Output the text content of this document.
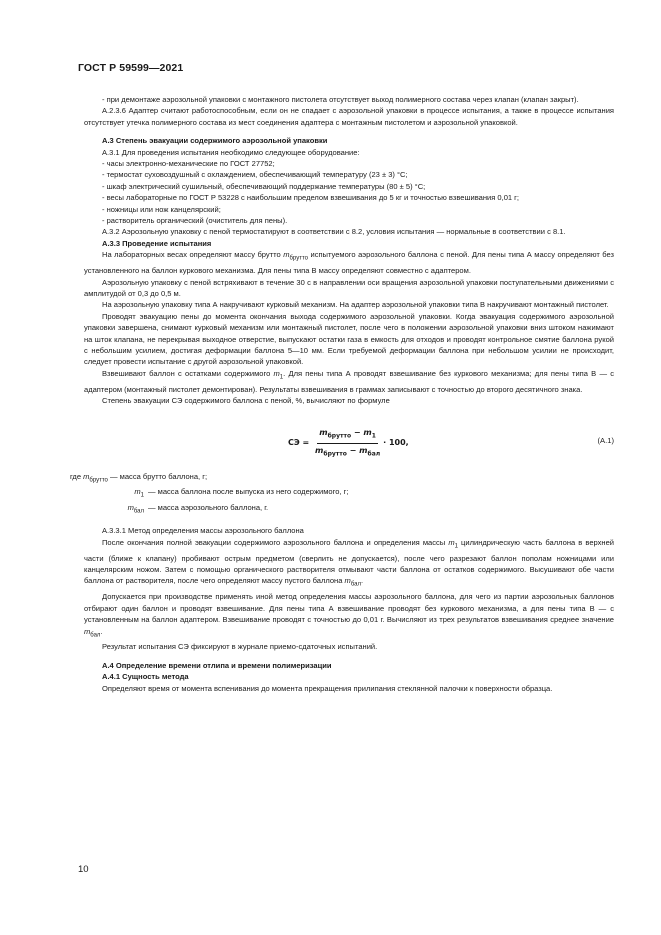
ГОСТ Р 59599—2021

- при демонтаже аэрозольной упаковки с монтажного пистолета отсутствует выход полимерного состава через клапан (клапан закрыт).

А.2.3.6 Адаптер считают работоспособным, если он не спадает с аэрозольной упаковки в процессе испытания, а также в процессе испытания отсутствует утечка полимерного состава из мест соединения адаптера с монтажным пистолетом и аэрозольной упаковкой.

А.3 Степень эвакуации содержимого аэрозольной упаковки

А.3.1 Для проведения испытания необходимо следующее оборудование:

- часы электронно-механические по ГОСТ 27752;

- термостат суховоздушный с охлаждением, обеспечивающий температуру (23 ± 3) °С;

- шкаф электрический сушильный, обеспечивающий поддержание температуры (80 ± 5) °С;

- весы лабораторные по ГОСТ Р 53228 с наибольшим пределом взвешивания до 5 кг и точностью взвешивания 0,01 г;

- ножницы или нож канцелярский;

- растворитель органический (очиститель для пены).

А.3.2 Аэрозольную упаковку с пеной термостатируют в соответствии с 8.2, условия испытания — нормальные в соответствии с 8.1.

А.3.3 Проведение испытания

На лабораторных весах определяют массу брутто $m_{брутто}$ испытуемого аэрозольного баллона с пеной. Для пены типа А массу определяют без установленного на баллон куркового механизма. Для пены типа В массу определяют совместно с адаптером.

Аэрозольную упаковку с пеной встряхивают в течение 30 с в направлении оси вращения аэрозольной упаковки поступательными движениями с амплитудой от 0,3 до 0,5 м.

На аэрозольную упаковку типа А накручивают курковый механизм. На адаптер аэрозольной упаковки типа В накручивают монтажный пистолет.

Проводят эвакуацию пены до момента окончания выхода содержимого аэрозольной упаковки. Когда эвакуация содержимого аэрозольной упаковки завершена, снимают курковый механизм или монтажный пистолет, после чего в положении аэрозольной упаковки вниз штоком нажимают на шток клапана, не перекрывая выходное отверстие, выпускают остатки газа в емкость для отходов и проводят контрольное смятие баллона рукой с небольшим усилием, достигая деформации баллона 5—10 мм. Если требуемой деформации баллона при небольшом усилии не происходит, следует провести испытание с другой аэрозольной упаковкой.

Взвешивают баллон с остатками содержимого $m_1$. Для пены типа А проводят взвешивание без куркового механизма; для пены типа В — с адаптером (монтажный пистолет демонтирован). Результаты взвешивания в граммах записывают с точностью до второго десятичного знака.

Степень эвакуации СЭ содержимого баллона с пеной, %, вычисляют по формуле

СЭ
=
$\frac{m_{брутто} - m_1}{m_{брутто} - m_{бал}} \cdot 100$,	(А.1)
где
$m_{брутто}$
— масса брутто баллона, г;
$m_1$ — масса баллона после выпуска из него содержимого, г;
$m_{бал}$ — масса аэрозольного баллона, г.

А.3.3.1 Метод определения массы аэрозольного баллона

После окончания полной эвакуации содержимого аэрозольного баллона и определения массы $m_1$ цилиндрическую часть баллона в верхней части (ближе к клапану) пробивают острым предметом (сверлить не допускается), после чего разрезают баллон пополам ножницами или канцелярским ножом. Затем с помощью органического растворителя отмывают части баллона от остатков содержимого. Высушивают обе части баллона от растворителя, после чего определяют массу пустого баллона $m_{бал}$.

Допускается при производстве применять иной метод определения массы аэрозольного баллона, для чего из партии аэрозольных баллонов отбирают один баллон и проводят взвешивание. Для пены типа А взвешивание проводят без куркового механизма, а для пены типа В — с установленным на баллон адаптером. Взвешивание проводят с точностью до 0,01 г. Вычисляют из трех результатов взвешивания среднее значение $m_{бал}$.

Результат испытания СЭ фиксируют в журнале приемо-сдаточных испытаний.

А.4 Определение времени отлипа и времени полимеризации

А.4.1 Сущность метода

Определяют время от момента вспенивания до момента прекращения прилипания стеклянной палочки к поверхности образца.

10
